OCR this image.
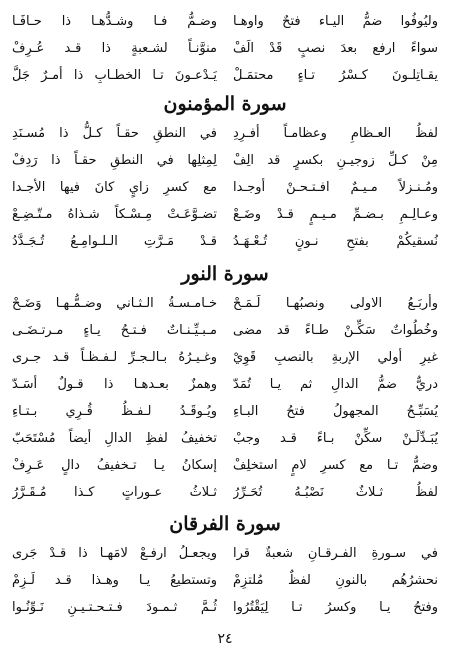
وليُوفُوا ضمُّ اليـاء فتحٌ واوهـا
وضـمُّ فـا وشـدُّهـا ذا حـافَـا
سواءً ارفع بعدَ نصبٍ قَدْ الَفْ
منوَّنـاً لشـعبةٍ ذا قـد عُـرِفْ
يقـاتِلـونَ كـسْرُ تـاءٍ محتمَـلْ
يَـدْعـونَ تـا الخطـابِ ذا أمـرٌ جَلَّ
سورة المؤمنون
لفظُ العـظامِ وعظامـاً أفـرِدِ
في النطقِ حقـاً كـلُّ ذا مُسـنَدِ
مِنْ كـلِّ زوجيـنِ بكسرٍ قد الِفْ
لِمِثلِها في النطقِ حقـاً ذا رَدِفْ
ومُـنـزلاً مـيـمٌ افـتـحـنْ أوجـدا
مع كسرِ زايٍ كانَ فيها الأجـدا
وعـالِـمِ بـضـمِّ مـيـمٍ قـدْ وضَـعْ
تضـوَّعَـتْ مِـسْـكاً شـذاهُ مـتّـضِـعْ
نُسقيكُمْ بفتحِ نـونٍ تُـعْـهَـدُ
قـدْ مَـرَّتِ الـلـوامِـعُ تُـجَـدَّدُ
سورة النور
وأربَـعُ الاولى ونصبُهـا لَـمَـحْ
خـامـسـةُ الـثـاني وضـمُّـهـا وَضَـحْ
وخُطُواتٌ سَكِّـنْ طـاءً قد مضى
مـبـيِّـنـاتٌ فـتـحُ يـاءٍ مـرتـضَـى
غيرِ أولي الإربةِ بالنصبِ قَوِيْ
وغـيـرُهُ بـالـجـرِّ لـفـظـاً قـد جـرى
دريٌّ ضمُّ الدالِ ثم يـا تُمَدّ
وهمزٌ بعـدهـا ذا قـولٌ أسَـدّ
يُسَبِّـحُ المجهولُ فتحُ البـاءِ
ويُـوقَـدُ لـفـظُ قُـرِي بـتـاءِ
يُبَـدِّلَـنْ سكِّنْ بـاءً قـد وجبْ
تخفيفُ لفظِ الدالِ أيضاً مُسْتَحَبّ
وضمُّ تـا مع كسرِ لامٍ استخلِفْ
إسكانُ يـا تـخفيفُ دالٍ عَـرِفْ
لفظُ ثـلاثٌ نَصْبُـهُ تُحَـرِّرُ
ثـلاثُ عـوراتٍ كـذا مُـقَـرَّرُ
سورة الفرقان
في سـورةِ الفـرقـانِ شعبةٌ قرا
ويجعـلُ ارفـعْ لامَهـا ذا قـدْ جَرى
نحشرُهُم بالنونِ لفظٌ مُلتزِمْ
وتستطيعُ يـا وهـذا قـد لَـزِمْ
وفتحُ يـا وكسرُ تـا لِيَقْتُرُوا
ثُـمَّ ثـمـودَ فـتـحـتـيـنِ نَـوِّنُـوا
٢٤
